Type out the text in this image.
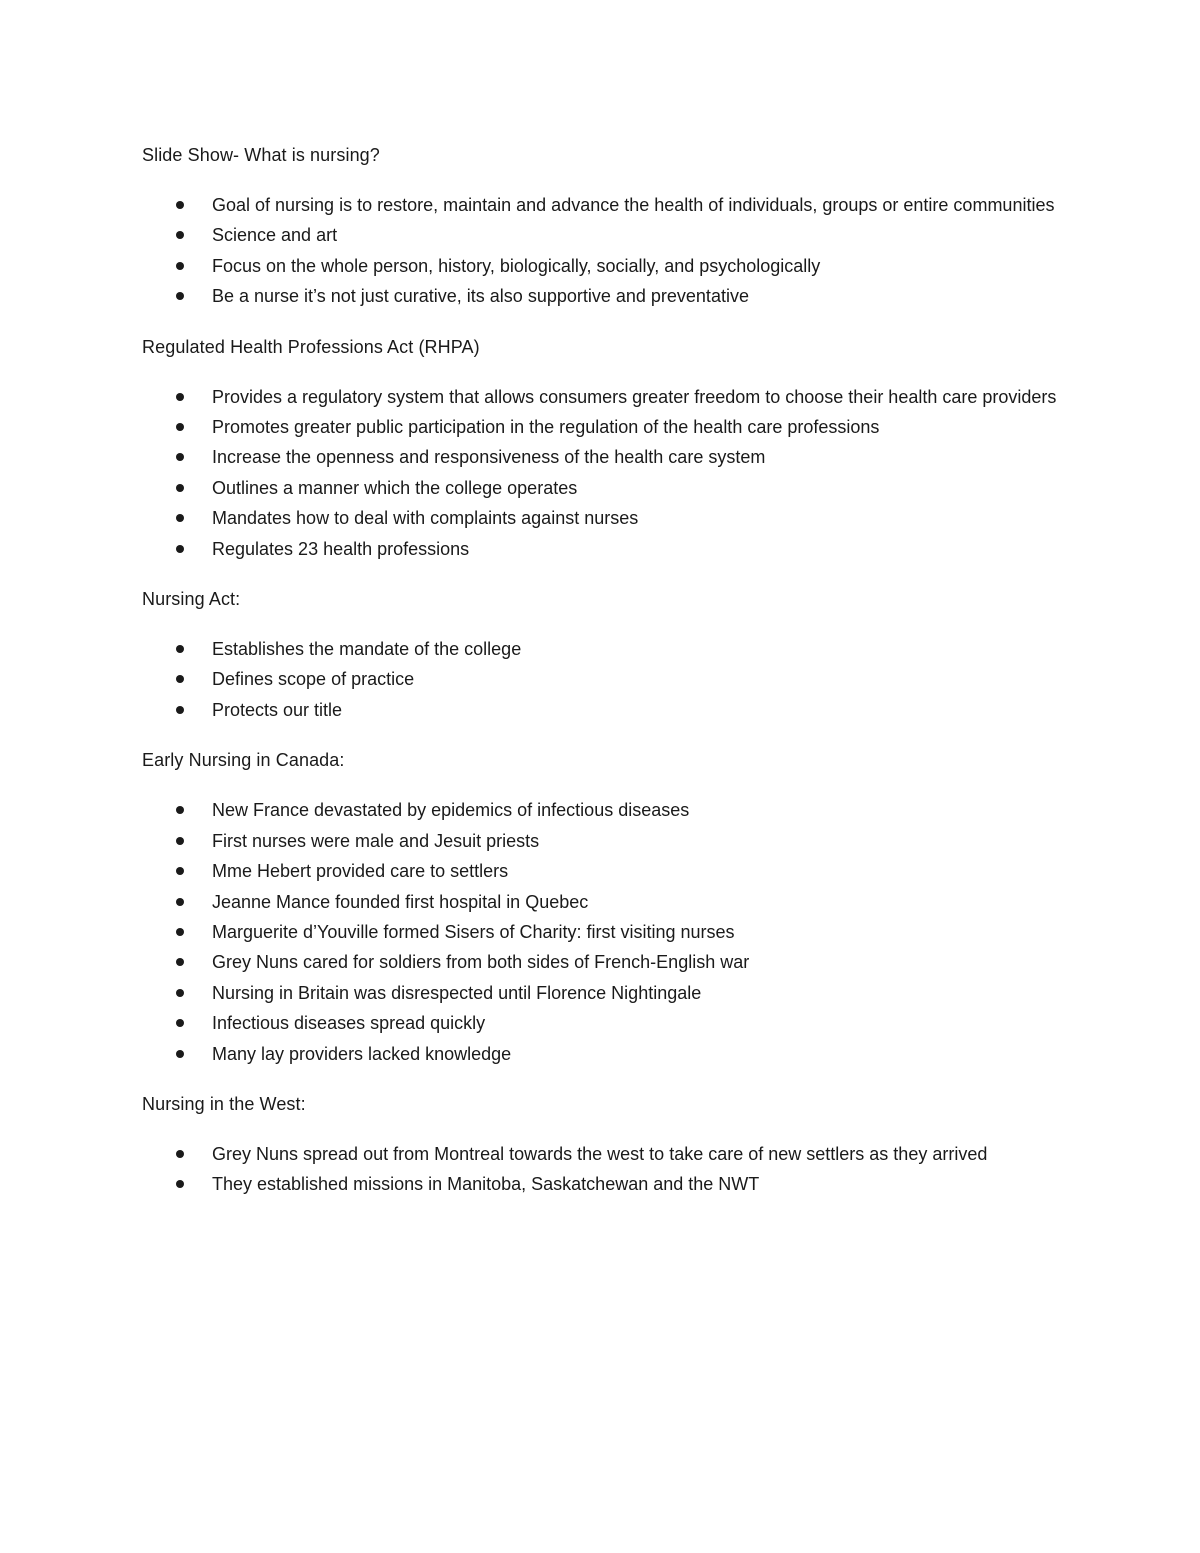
Slide Show- What is nursing?

Goal of nursing is to restore, maintain and advance the health of individuals, groups or entire communities
Science and art
Focus on the whole person, history, biologically, socially, and psychologically
Be a nurse it’s not just curative, its also supportive and preventative

Regulated Health Professions Act (RHPA)

Provides a regulatory system that allows consumers greater freedom to choose their health care providers
Promotes greater public participation in the regulation of the health care professions
Increase the openness and responsiveness of the health care system
Outlines a manner which the college operates
Mandates how to deal with complaints against nurses
Regulates 23 health professions

Nursing Act:

Establishes the mandate of the college
Defines scope of practice
Protects our title

Early Nursing in Canada:

New France devastated by epidemics of infectious diseases
First nurses were male and Jesuit priests
Mme Hebert provided care to settlers
Jeanne Mance founded first hospital in Quebec
Marguerite d’Youville formed Sisers of Charity: first visiting nurses
Grey Nuns cared for soldiers from both sides of French-English war
Nursing in Britain was disrespected until Florence Nightingale
Infectious diseases spread quickly
Many lay providers lacked knowledge

Nursing in the West:

Grey Nuns spread out from Montreal towards the west to take care of new settlers as they arrived
They established missions in Manitoba, Saskatchewan and the NWT
